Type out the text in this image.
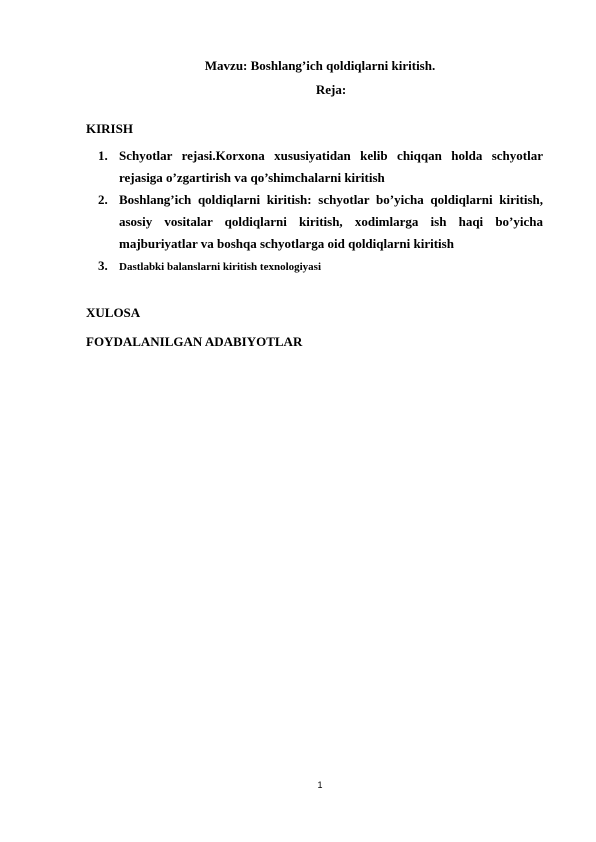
Mavzu: Boshlang’ich qoldiqlarni kiritish.
Reja:
KIRISH
1. Schyotlar rejasi.Korxona xususiyatidan kelib chiqqan holda schyotlar rejasiga o’zgartirish va qo’shimchalarni kiritish
2. Boshlang’ich qoldiqlarni kiritish: schyotlar bo’yicha qoldiqlarni kiritish, asosiy vositalar qoldiqlarni kiritish, xodimlarga ish haqi bo’yicha majburiyatlar va boshqa schyotlarga oid qoldiqlarni kiritish
3. Dastlabki balanslarni kiritish texnologiyasi
XULOSA
FOYDALANILGAN ADABIYOTLAR
1
